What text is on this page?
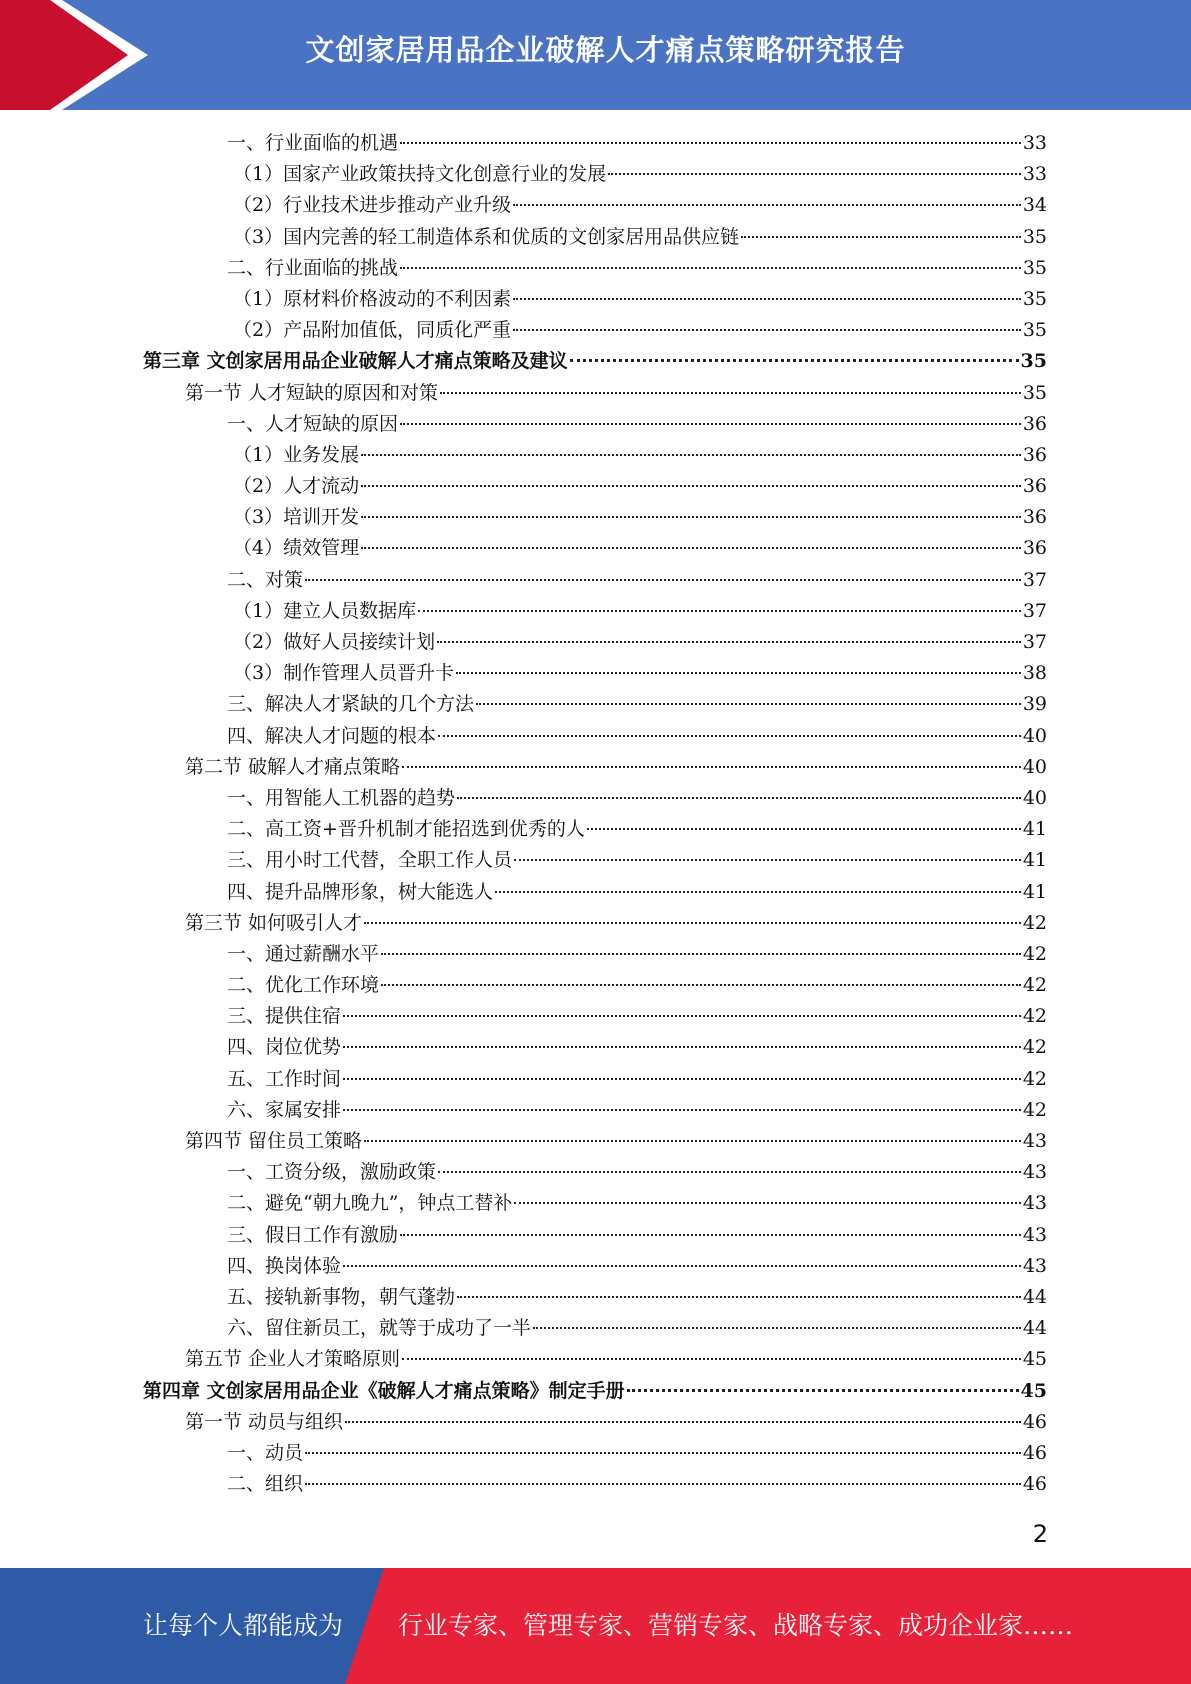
文创家居用品企业破解人才痛点策略研究报告
一、行业面临的机遇	33
（1）国家产业政策扶持文化创意行业的发展	33
（2）行业技术进步推动产业升级	34
（3）国内完善的轻工制造体系和优质的文创家居用品供应链	35
二、行业面临的挑战	35
（1）原材料价格波动的不利因素	35
（2）产品附加值低，同质化严重	35
第三章 文创家居用品企业破解人才痛点策略及建议	35
第一节 人才短缺的原因和对策	35
一、人才短缺的原因	36
（1）业务发展	36
（2）人才流动	36
（3）培训开发	36
（4）绩效管理	36
二、对策	37
（1）建立人员数据库	37
（2）做好人员接续计划	37
（3）制作管理人员晋升卡	38
三、解决人才紧缺的几个方法	39
四、解决人才问题的根本	40
第二节 破解人才痛点策略	40
一、用智能人工机器的趋势	40
二、高工资+晋升机制才能招选到优秀的人	41
三、用小时工代替，全职工作人员	41
四、提升品牌形象，树大能选人	41
第三节 如何吸引人才	42
一、通过薪酬水平	42
二、优化工作环境	42
三、提供住宿	42
四、岗位优势	42
五、工作时间	42
六、家属安排	42
第四节 留住员工策略	43
一、工资分级，激励政策	43
二、避免“朝九晚九”，钟点工替补	43
三、假日工作有激励	43
四、换岗体验	43
五、接轨新事物，朝气蓬勃	44
六、留住新员工，就等于成功了一半	44
第五节 企业人才策略原则	45
第四章 文创家居用品企业《破解人才痛点策略》制定手册	45
第一节 动员与组织	46
一、动员	46
二、组织	46
2
让每个人都能成为 行业专家、管理专家、营销专家、战略专家、成功企业家……
